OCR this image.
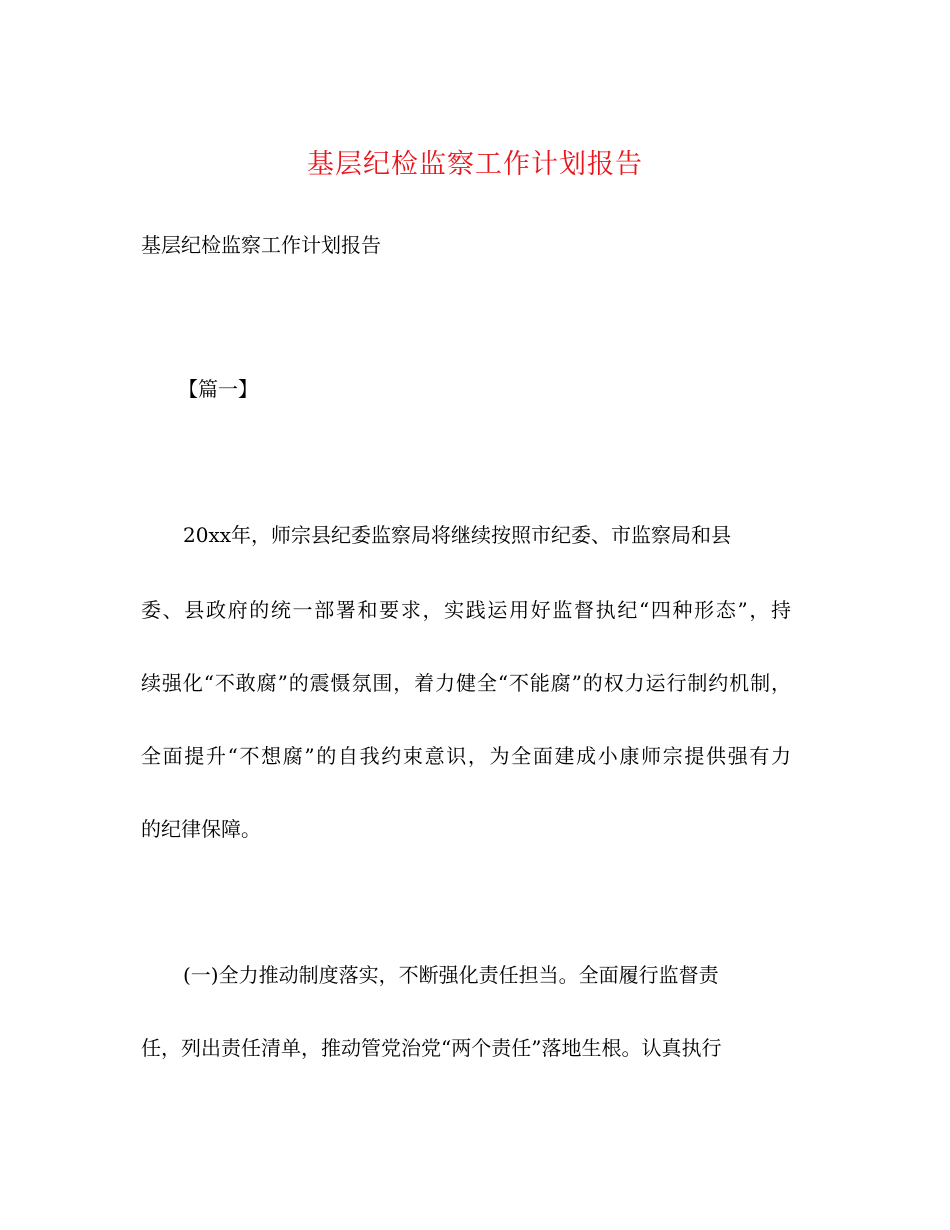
基层纪检监察工作计划报告
基层纪检监察工作计划报告
【篇一】
20xx年，师宗县纪委监察局将继续按照市纪委、市监察局和县
委、县政府的统一部署和要求，实践运用好监督执纪“四种形态”，持
续强化“不敢腐”的震慑氛围，着力健全“不能腐”的权力运行制约机制，
全面提升“不想腐”的自我约束意识，为全面建成小康师宗提供强有力
的纪律保障。
(一)全力推动制度落实，不断强化责任担当。全面履行监督责
任，列出责任清单，推动管党治党“两个责任”落地生根。认真执行
